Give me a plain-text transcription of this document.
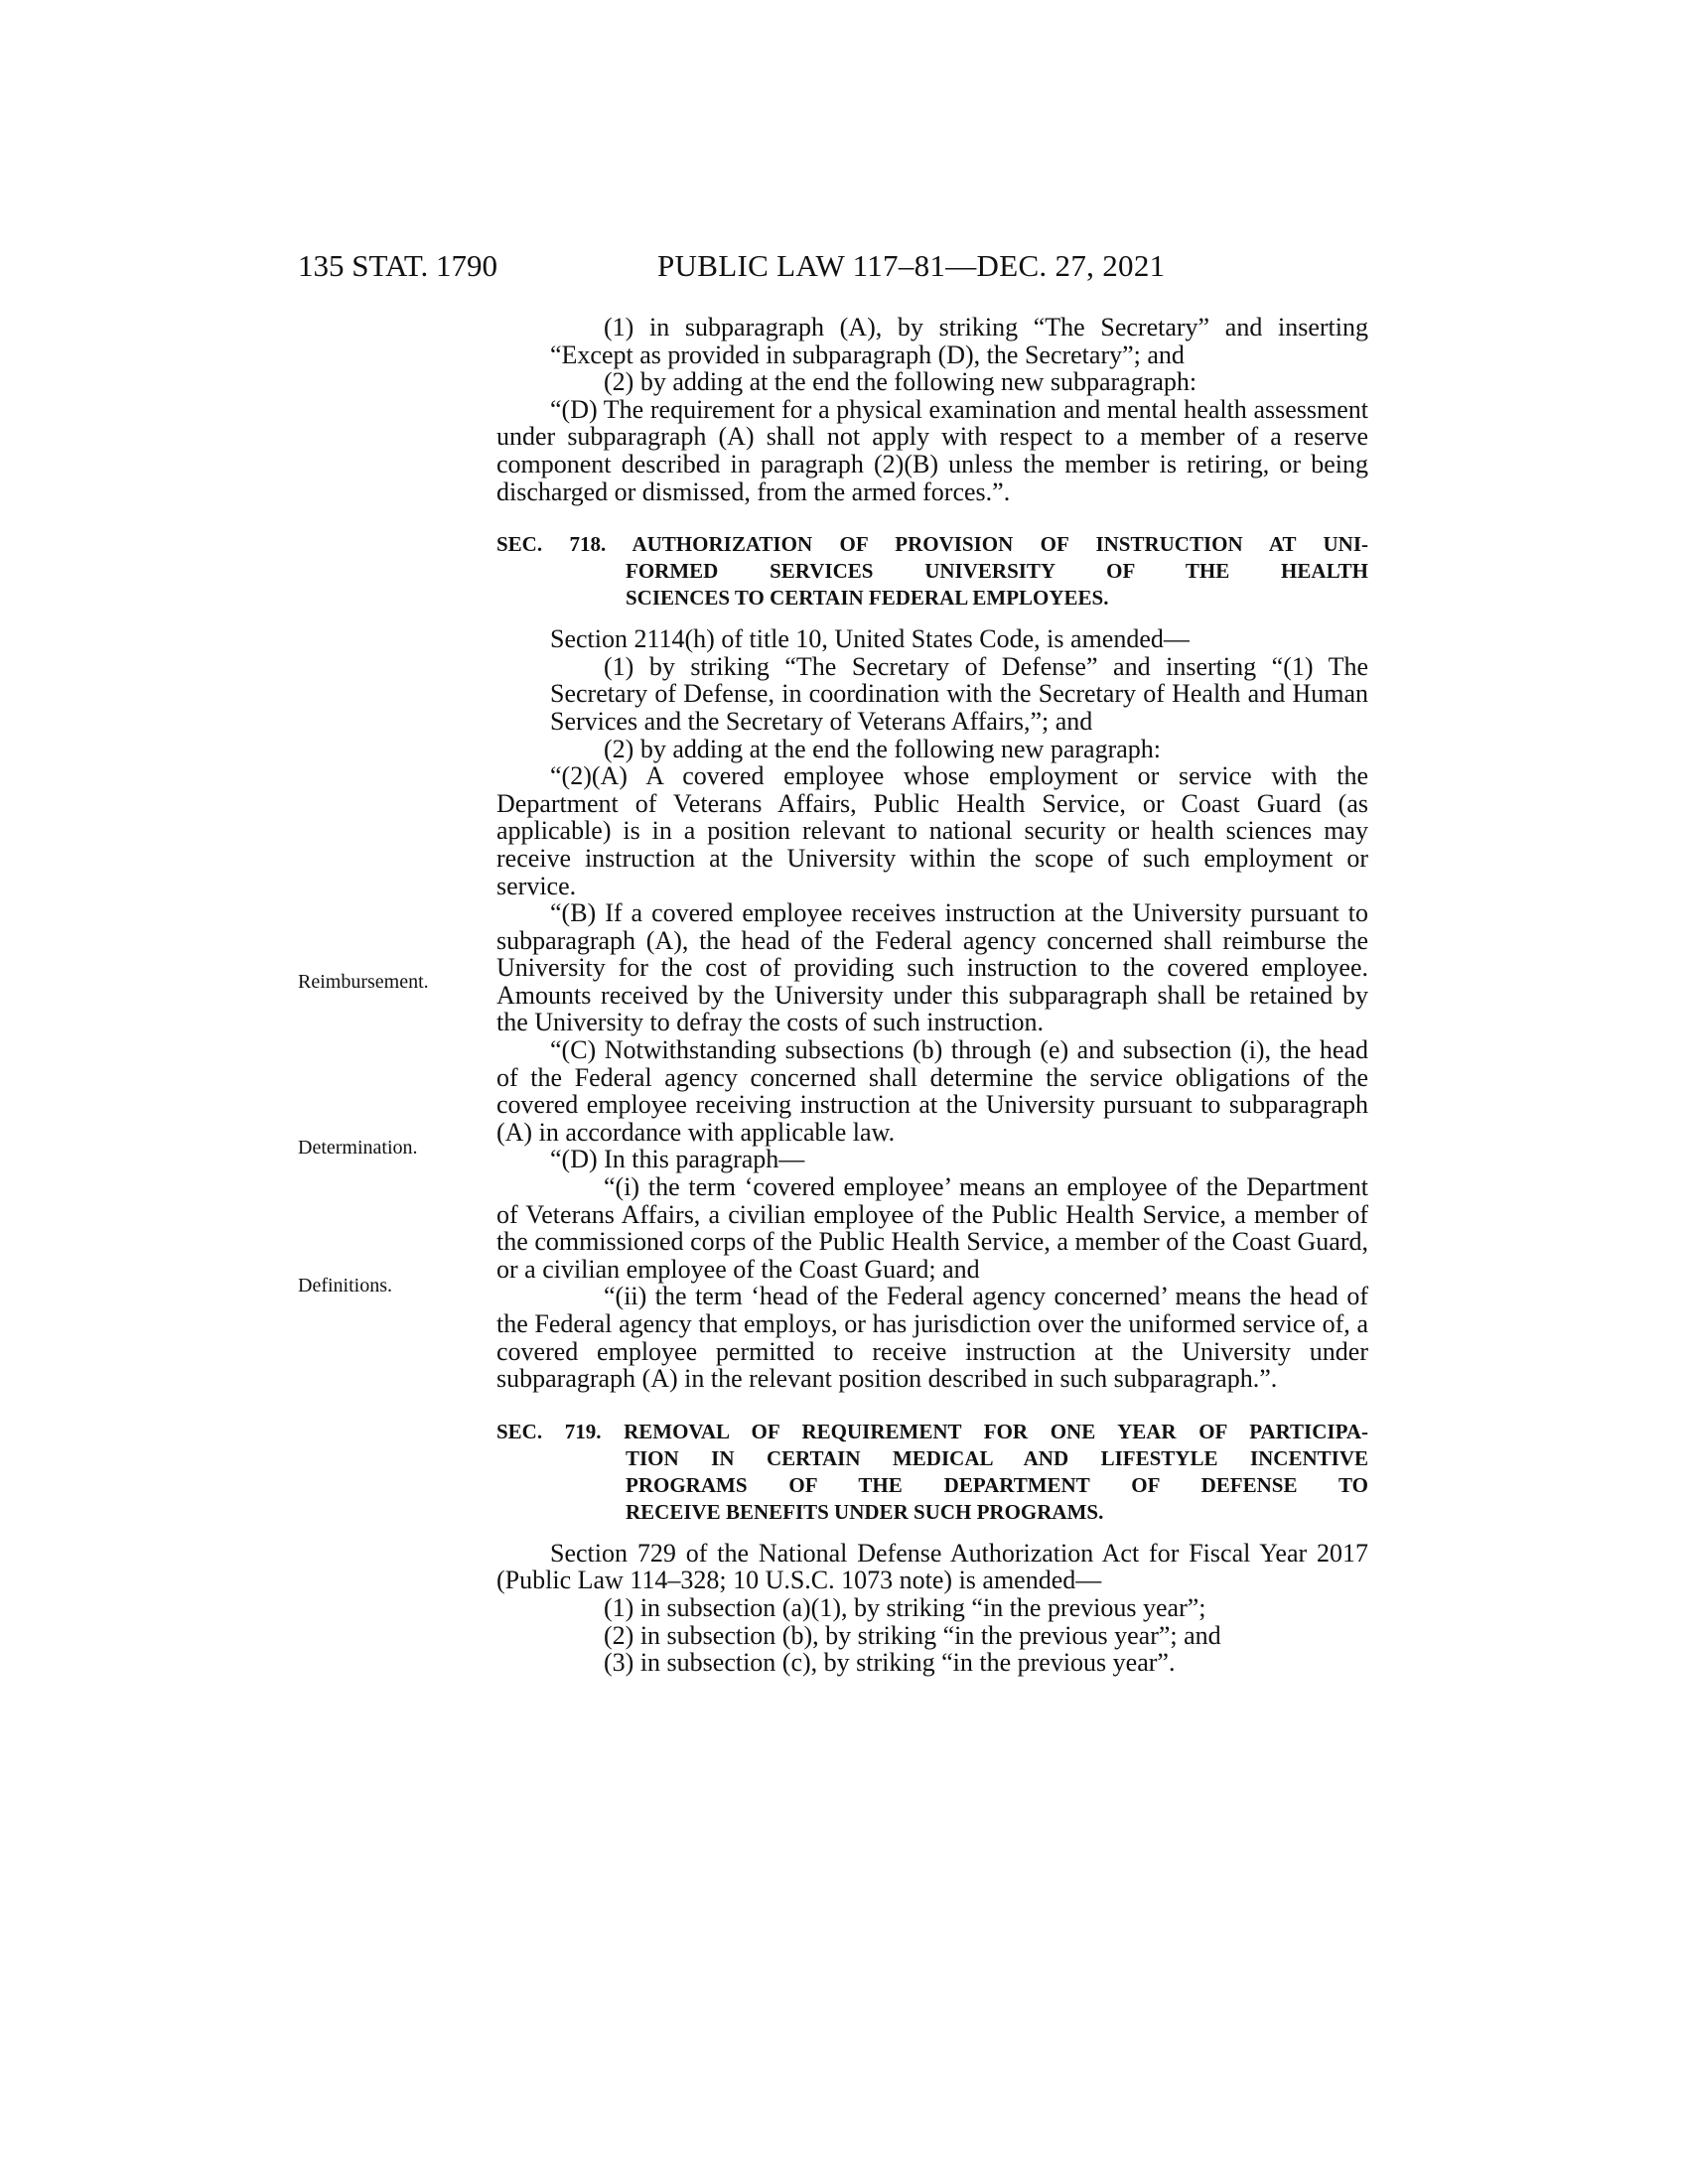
135 STAT. 1790	PUBLIC LAW 117–81—DEC. 27, 2021
Reimbursement.
Determination.
Definitions.

(1) in subparagraph (A), by striking “The Secretary” and inserting “Except as provided in subparagraph (D), the Secretary”; and

(2) by adding at the end the following new subparagraph:

“(D) The requirement for a physical examination and mental health assessment under subparagraph (A) shall not apply with respect to a member of a reserve component described in paragraph (2)(B) unless the member is retiring, or being discharged or dismissed, from the armed forces.”.

SEC. 718. AUTHORIZATION OF PROVISION OF INSTRUCTION AT UNI-
FORMED SERVICES UNIVERSITY OF THE HEALTH
SCIENCES TO CERTAIN FEDERAL EMPLOYEES.

Section 2114(h) of title 10, United States Code, is amended—

(1) by striking “The Secretary of Defense” and inserting “(1) The Secretary of Defense, in coordination with the Secretary of Health and Human Services and the Secretary of Veterans Affairs,”; and

(2) by adding at the end the following new paragraph:

“(2)(A) A covered employee whose employment or service with the Department of Veterans Affairs, Public Health Service, or Coast Guard (as applicable) is in a position relevant to national security or health sciences may receive instruction at the University within the scope of such employment or service.

“(B) If a covered employee receives instruction at the University pursuant to subparagraph (A), the head of the Federal agency concerned shall reimburse the University for the cost of providing such instruction to the covered employee. Amounts received by the University under this subparagraph shall be retained by the University to defray the costs of such instruction.

“(C) Notwithstanding subsections (b) through (e) and subsection (i), the head of the Federal agency concerned shall determine the service obligations of the covered employee receiving instruction at the University pursuant to subparagraph (A) in accordance with applicable law.

“(D) In this paragraph—

“(i) the term ‘covered employee’ means an employee of the Department of Veterans Affairs, a civilian employee of the Public Health Service, a member of the commissioned corps of the Public Health Service, a member of the Coast Guard, or a civilian employee of the Coast Guard; and

“(ii) the term ‘head of the Federal agency concerned’ means the head of the Federal agency that employs, or has jurisdiction over the uniformed service of, a covered employee permitted to receive instruction at the University under subparagraph (A) in the relevant position described in such subparagraph.”.

SEC. 719. REMOVAL OF REQUIREMENT FOR ONE YEAR OF PARTICIPA-
TION IN CERTAIN MEDICAL AND LIFESTYLE INCENTIVE
PROGRAMS OF THE DEPARTMENT OF DEFENSE TO
RECEIVE BENEFITS UNDER SUCH PROGRAMS.

Section 729 of the National Defense Authorization Act for Fiscal Year 2017 (Public Law 114–328; 10 U.S.C. 1073 note) is amended—

(1) in subsection (a)(1), by striking “in the previous year”;

(2) in subsection (b), by striking “in the previous year”; and

(3) in subsection (c), by striking “in the previous year”.
